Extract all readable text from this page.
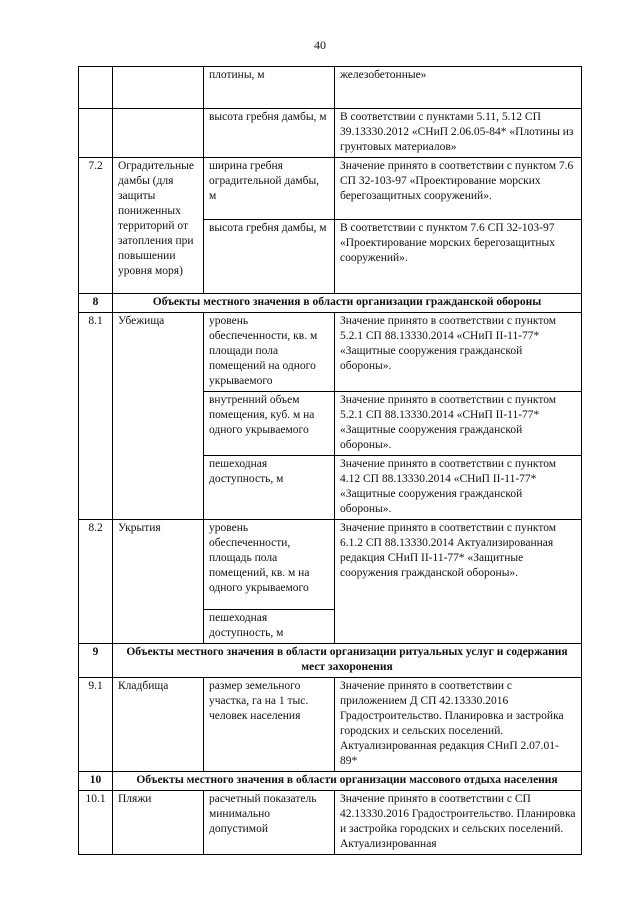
40
		плотины, м	железобетонные»
		высота гребня дамбы, м	В соответствии с пунктами 5.11, 5.12 СП 39.13330.2012 «СНиП 2.06.05-84* «Плотины из грунтовых материалов»
7.2	Оградительные дамбы (для защиты пониженных территорий от затопления при повышении уровня моря)	ширина гребня оградительной дамбы, м	Значение принято в соответствии с пунктом 7.6 СП 32-103-97 «Проектирование морских берегозащитных сооружений».
		высота гребня дамбы, м	В соответствии с пунктом 7.6 СП 32-103-97 «Проектирование морских берегозащитных сооружений».
8	Объекты местного значения в области организации гражданской обороны		
8.1	Убежища	уровень обеспеченности, кв. м площади пола помещений на одного укрываемого	Значение принято в соответствии с пунктом 5.2.1 СП 88.13330.2014 «СНиП II-11-77* «Защитные сооружения гражданской обороны».
		внутренний объем помещения, куб. м на одного укрываемого	Значение принято в соответствии с пунктом 5.2.1 СП 88.13330.2014 «СНиП II-11-77* «Защитные сооружения гражданской обороны».
		пешеходная доступность, м	Значение принято в соответствии с пунктом 4.12 СП 88.13330.2014 «СНиП II-11-77* «Защитные сооружения гражданской обороны».
8.2	Укрытия	уровень обеспеченности, площадь пола помещений, кв. м на одного укрываемого	Значение принято в соответствии с пунктом 6.1.2 СП 88.13330.2014 Актуализированная редакция СНиП II-11-77* «Защитные сооружения гражданской обороны».
		пешеходная доступность, м	
9	Объекты местного значения в области организации ритуальных услуг и содержания мест захоронения		
9.1	Кладбища	размер земельного участка, га на 1 тыс. человек населения	Значение принято в соответствии с приложением Д СП 42.13330.2016 Градостроительство. Планировка и застройка городских и сельских поселений. Актуализированная редакция СНиП 2.07.01-89*
10	Объекты местного значения в области организации массового отдыха населения		
10.1	Пляжи	расчетный показатель минимально допустимой	Значение принято в соответствии с СП 42.13330.2016 Градостроительство. Планировка и застройка городских и сельских поселений. Актуализированная
